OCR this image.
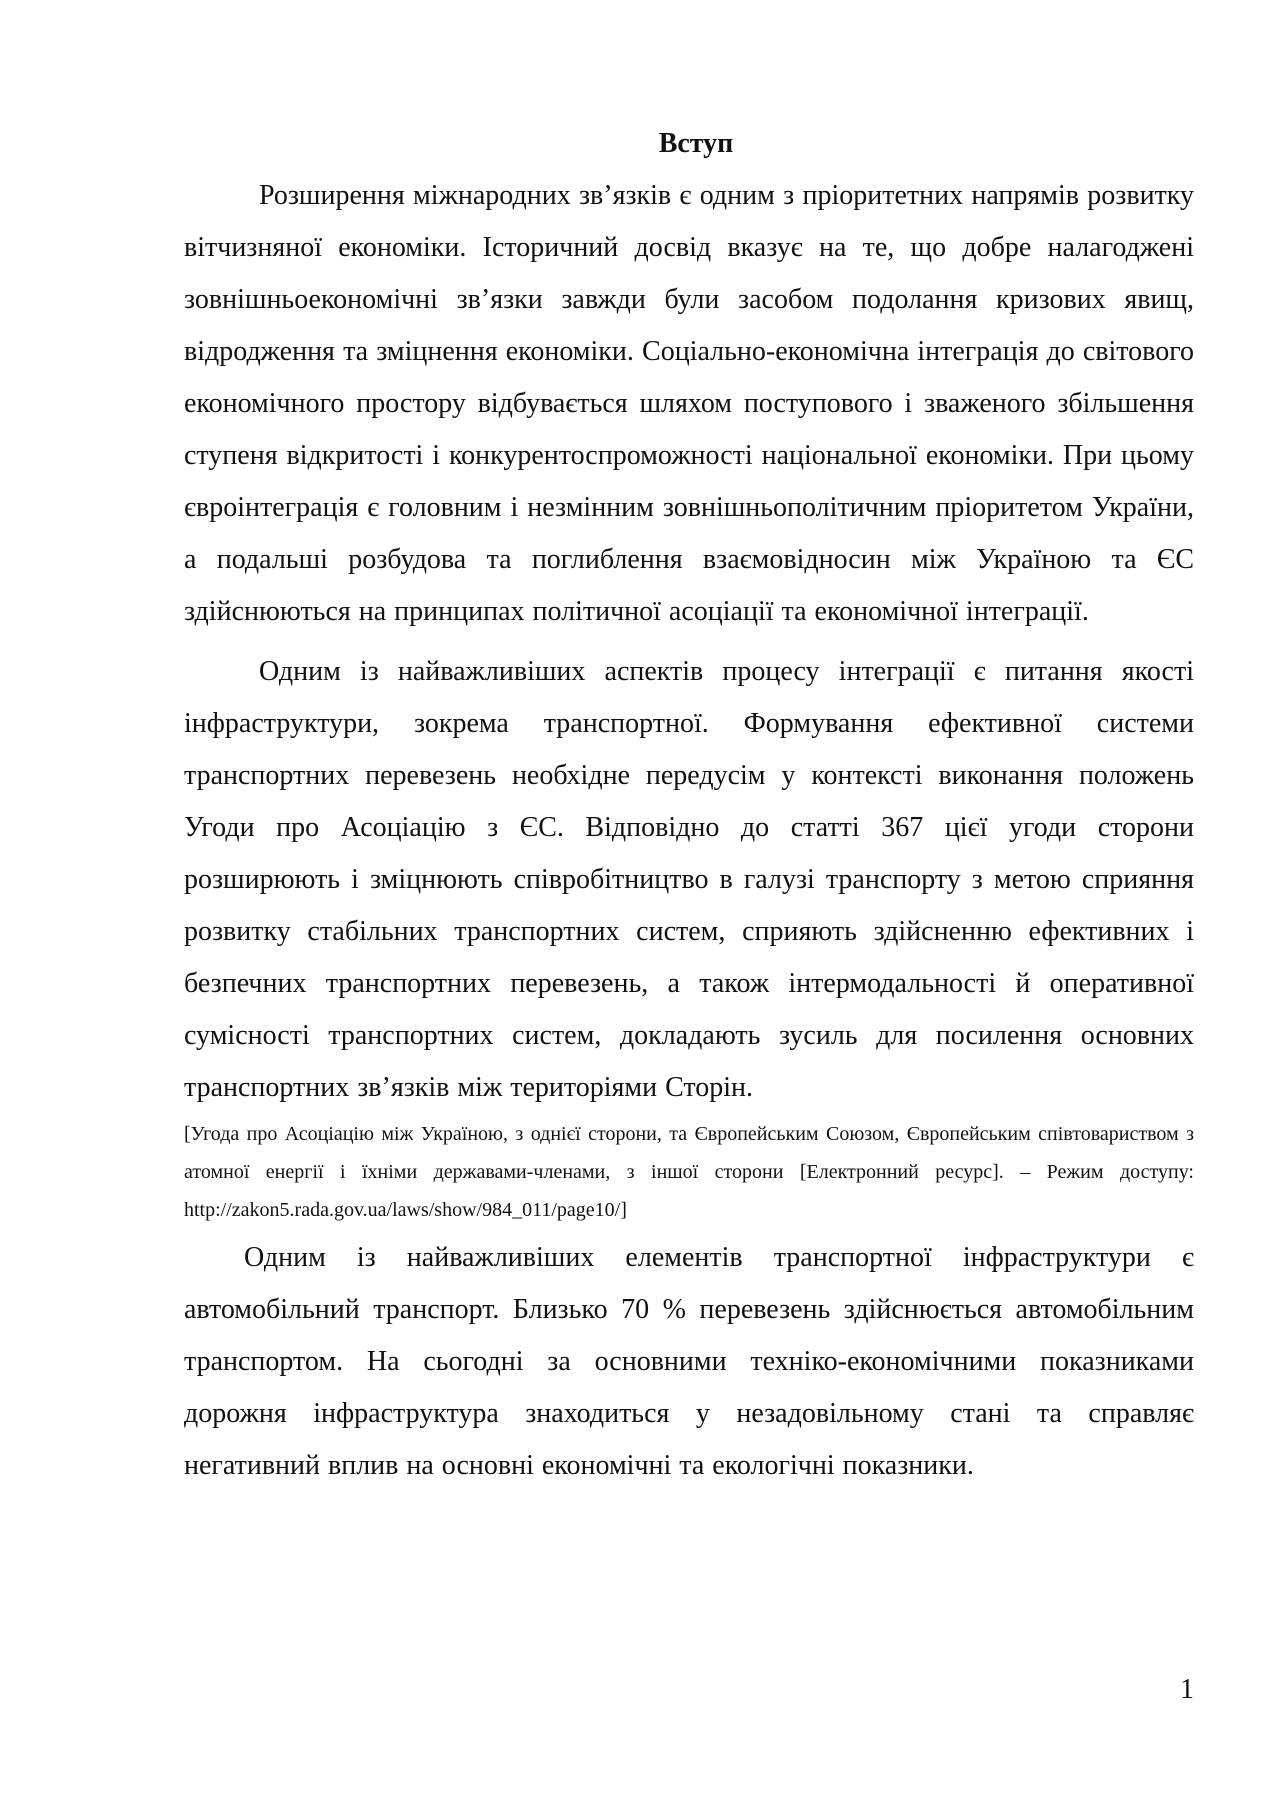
Вступ

Розширення міжнародних зв’язків є одним з пріоритетних напрямів розвитку вітчизняної економіки. Історичний досвід вказує на те, що добре налагоджені зовнішньоекономічні зв’язки завжди були засобом подолання кризових явищ, відродження та зміцнення економіки. Соціально-економічна інтеграція до світового економічного простору відбувається шляхом поступового і зваженого збільшення ступеня відкритості і конкурентоспроможності національної економіки. При цьому євроінтеграція є головним і незмінним зовнішньополітичним пріоритетом України, а подальші розбудова та поглиблення взаємовідносин між Україною та ЄС здійснюються на принципах політичної асоціації та економічної інтеграції.

Одним із найважливіших аспектів процесу інтеграції є питання якості інфраструктури, зокрема транспортної. Формування ефективної системи транспортних перевезень необхідне передусім у контексті виконання положень Угоди про Асоціацію з ЄС. Відповідно до статті 367 цієї угоди сторони розширюють і зміцнюють співробітництво в галузі транспорту з метою сприяння розвитку стабільних транспортних систем, сприяють здійсненню ефективних і безпечних транспортних перевезень, а також інтермодальності й оперативної сумісності транспортних систем, докладають зусиль для посилення основних транспортних зв’язків між територіями Сторін.

[Угода про Асоціацію між Україною, з однієї сторони, та Європейським Союзом, Європейським співтовариством з атомної енергії і їхніми державами-членами, з іншої сторони [Електронний ресурс]. – Режим доступу: http://zakon5.rada.gov.ua/laws/show/984_011/page10/]

Одним із найважливіших елементів транспортної інфраструктури є автомобільний транспорт. Близько 70 % перевезень здійснюється автомобільним транспортом. На сьогодні за основними техніко-економічними показниками дорожня інфраструктура знаходиться у незадовільному стані та справляє негативний вплив на основні економічні та екологічні показники.

1
